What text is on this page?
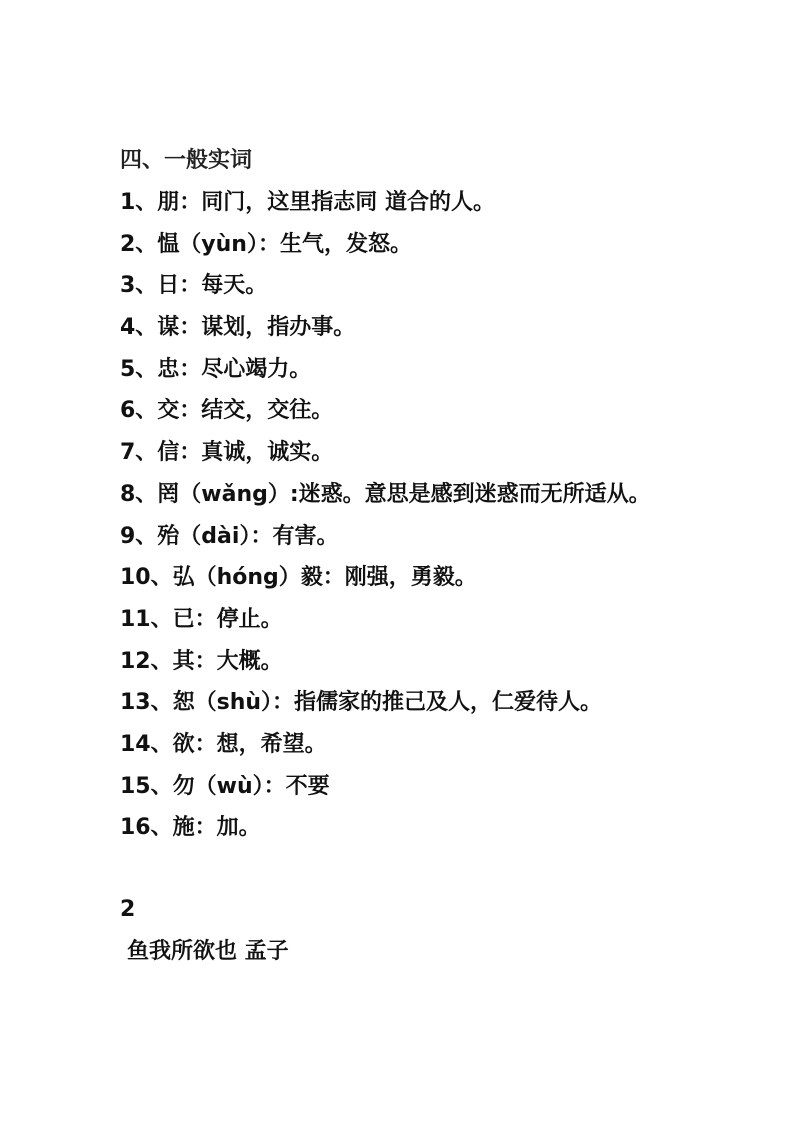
四、一般实词
1、朋：同门，这里指志同 道合的人。
2、愠（yùn）：生气，发怒。
3、日：每天。
4、谋：谋划，指办事。
5、忠：尽心竭力。
6、交：结交，交往。
7、信：真诚，诚实。
8、罔（wǎng）:迷惑。意思是感到迷惑而无所适从。
9、殆（dài）：有害。
10、弘（hóng）毅：刚强，勇毅。
11、已：停止。
12、其：大概。
13、恕（shù）：指儒家的推己及人，仁爱待人。
14、欲：想，希望。
15、勿（wù）：不要
16、施：加。
2
鱼我所欲也 孟子
